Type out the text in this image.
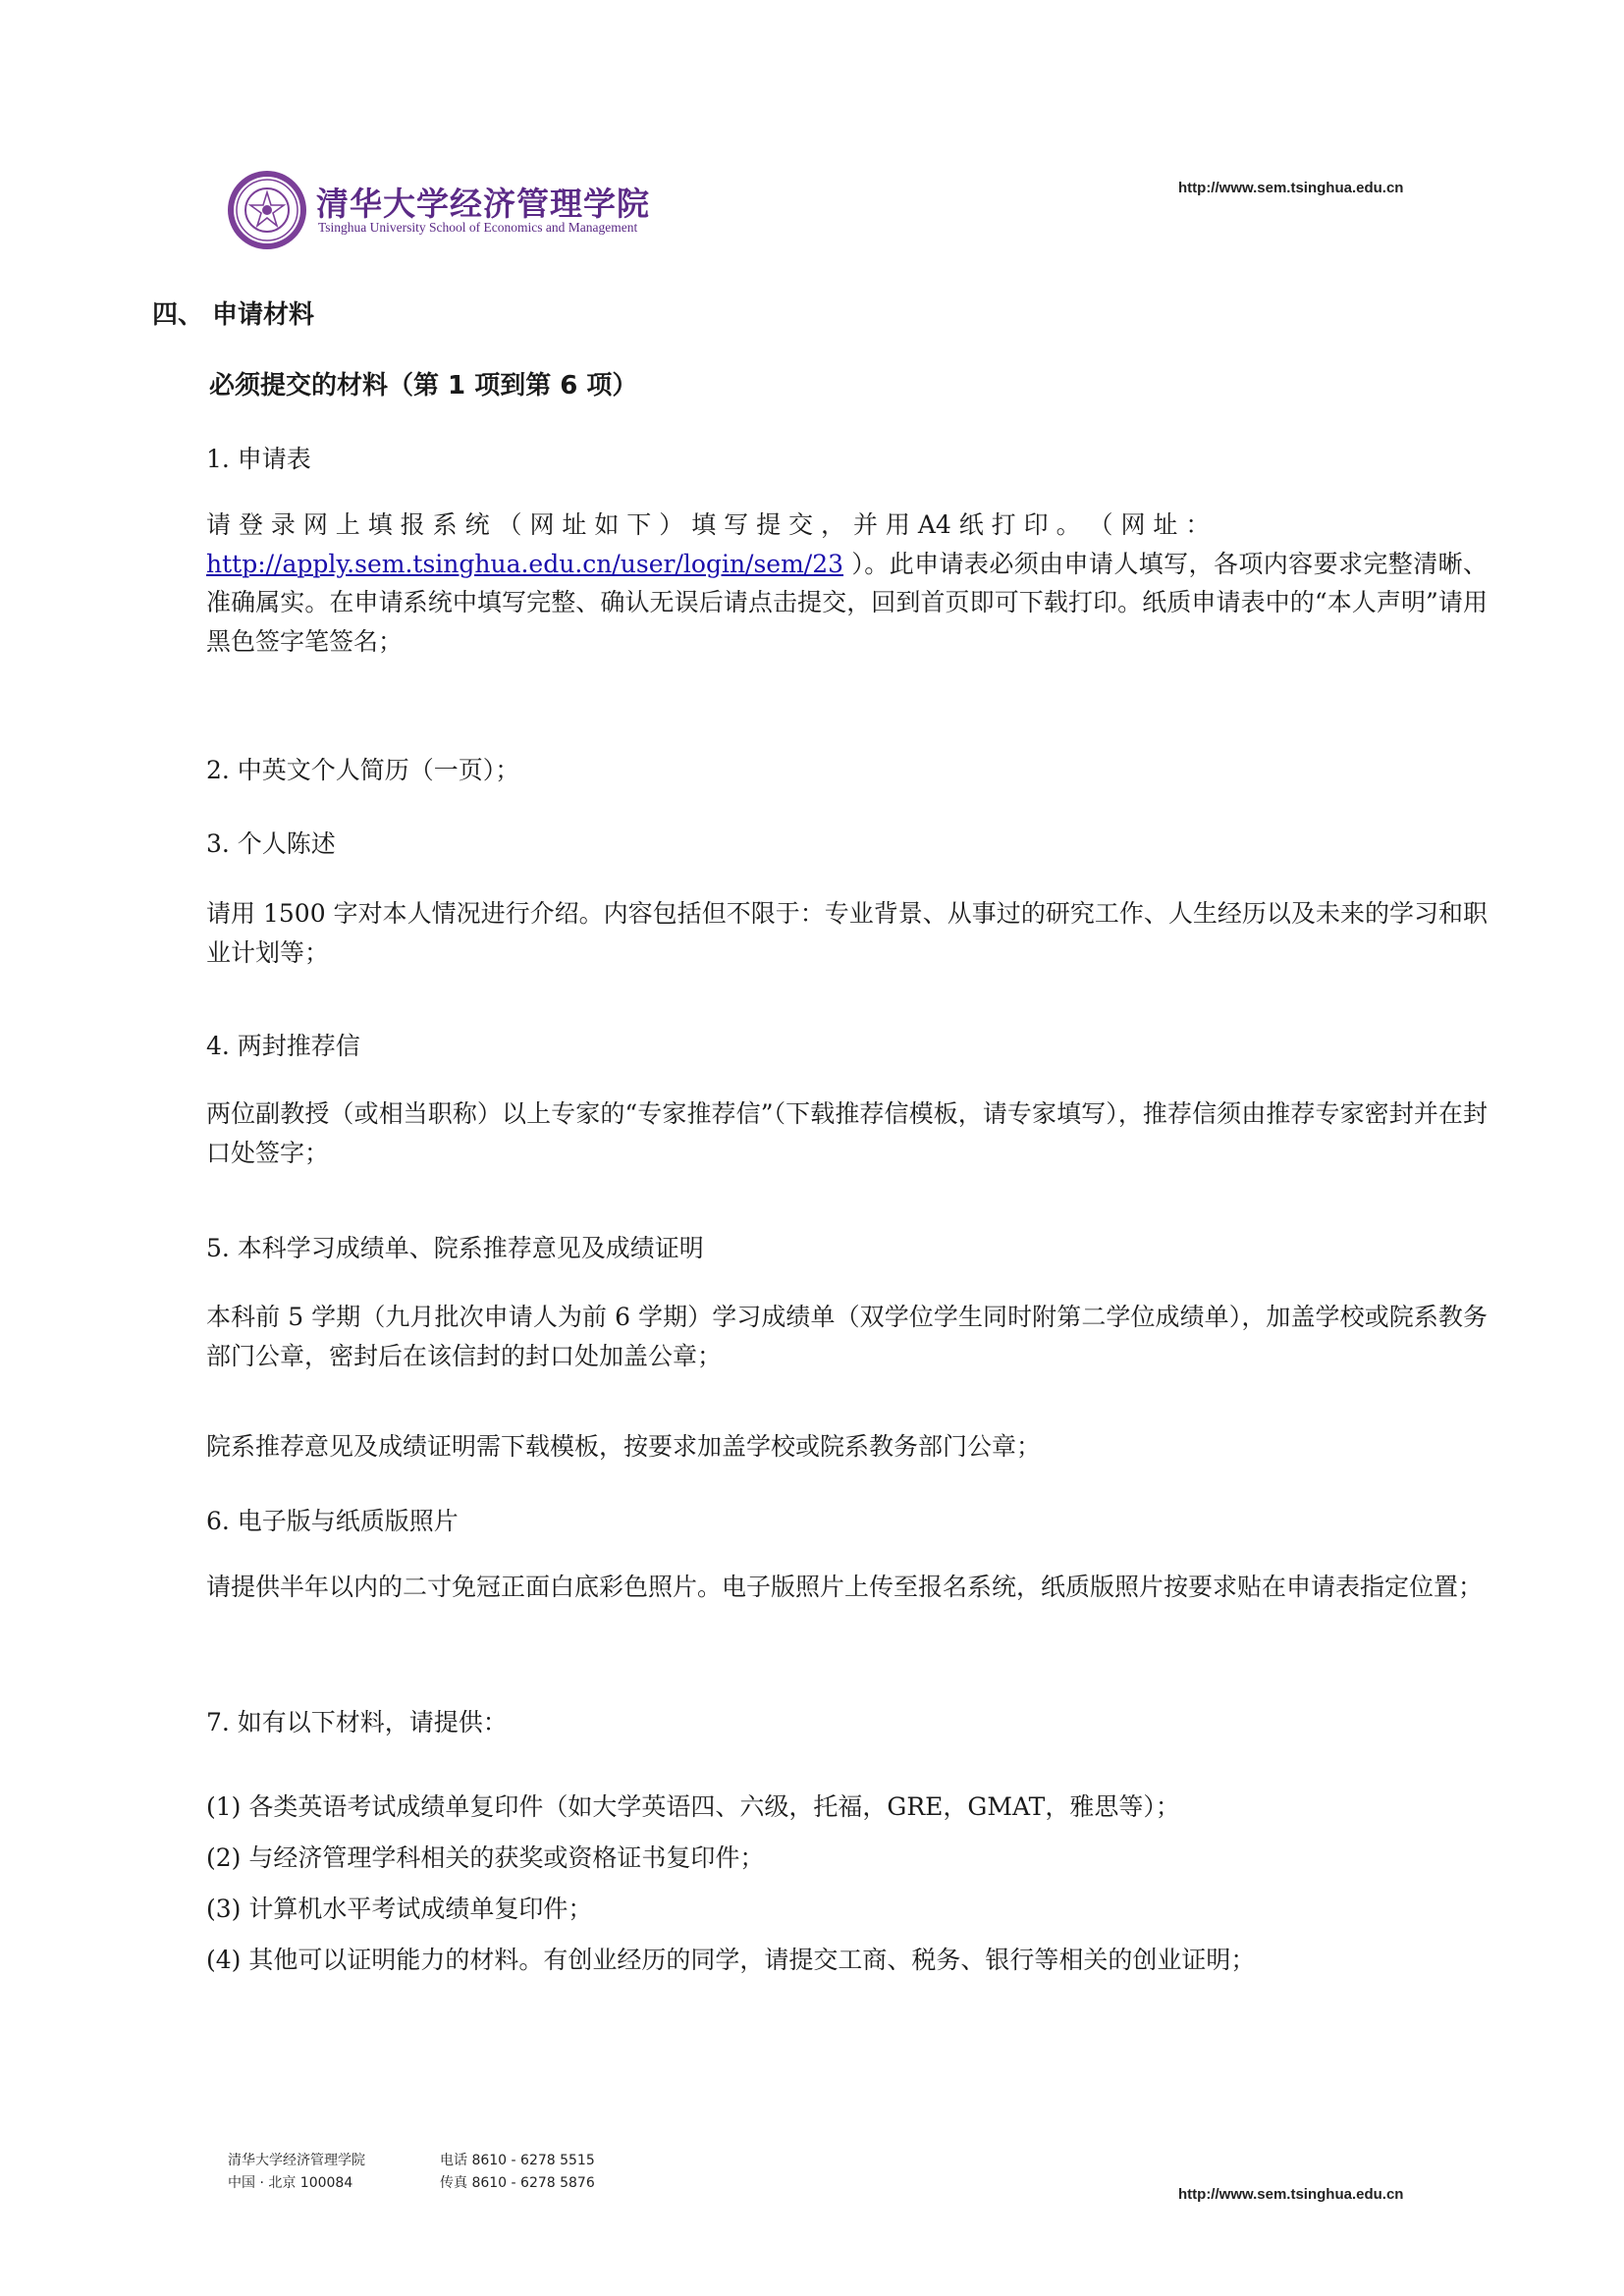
清华大学经济管理学院
Tsinghua University School of Economics and Management
http://www.sem.tsinghua.edu.cn
四、 申请材料
必须提交的材料（第 1 项到第 6 项）
1. 申请表
请 登 录 网 上 填 报 系 统 （ 网 址 如 下 ） 填 写 提 交 ， 并 用 A4 纸 打 印 。 （ 网 址 ：
http://apply.sem.tsinghua.edu.cn/user/login/sem/23 ）。此申请表必须由申请人填写，各项内容要求完整清晰、准确属实。在申请系统中填写完整、确认无误后请点击提交，回到首页即可下载打印。纸质申请表中的“本人声明”请用黑色签字笔签名；
2. 中英文个人简历（一页）；
3. 个人陈述
请用 1500 字对本人情况进行介绍。内容包括但不限于：专业背景、从事过的研究工作、人生经历以及未来的学习和职业计划等；
4. 两封推荐信
两位副教授（或相当职称）以上专家的“专家推荐信”（下载推荐信模板，请专家填写），推荐信须由推荐专家密封并在封口处签字；
5. 本科学习成绩单、院系推荐意见及成绩证明
本科前 5 学期（九月批次申请人为前 6 学期）学习成绩单（双学位学生同时附第二学位成绩单），加盖学校或院系教务部门公章，密封后在该信封的封口处加盖公章；
院系推荐意见及成绩证明需下载模板，按要求加盖学校或院系教务部门公章；
6. 电子版与纸质版照片
请提供半年以内的二寸免冠正面白底彩色照片。电子版照片上传至报名系统，纸质版照片按要求贴在申请表指定位置；
7. 如有以下材料，请提供：
(1) 各类英语考试成绩单复印件（如大学英语四、六级，托福，GRE，GMAT，雅思等）；
(2) 与经济管理学科相关的获奖或资格证书复印件；
(3) 计算机水平考试成绩单复印件；
(4) 其他可以证明能力的材料。有创业经历的同学，请提交工商、税务、银行等相关的创业证明；
清华大学经济管理学院
中国 · 北京 100084
电话 8610 - 6278 5515
传真 8610 - 6278 5876
http://www.sem.tsinghua.edu.cn
